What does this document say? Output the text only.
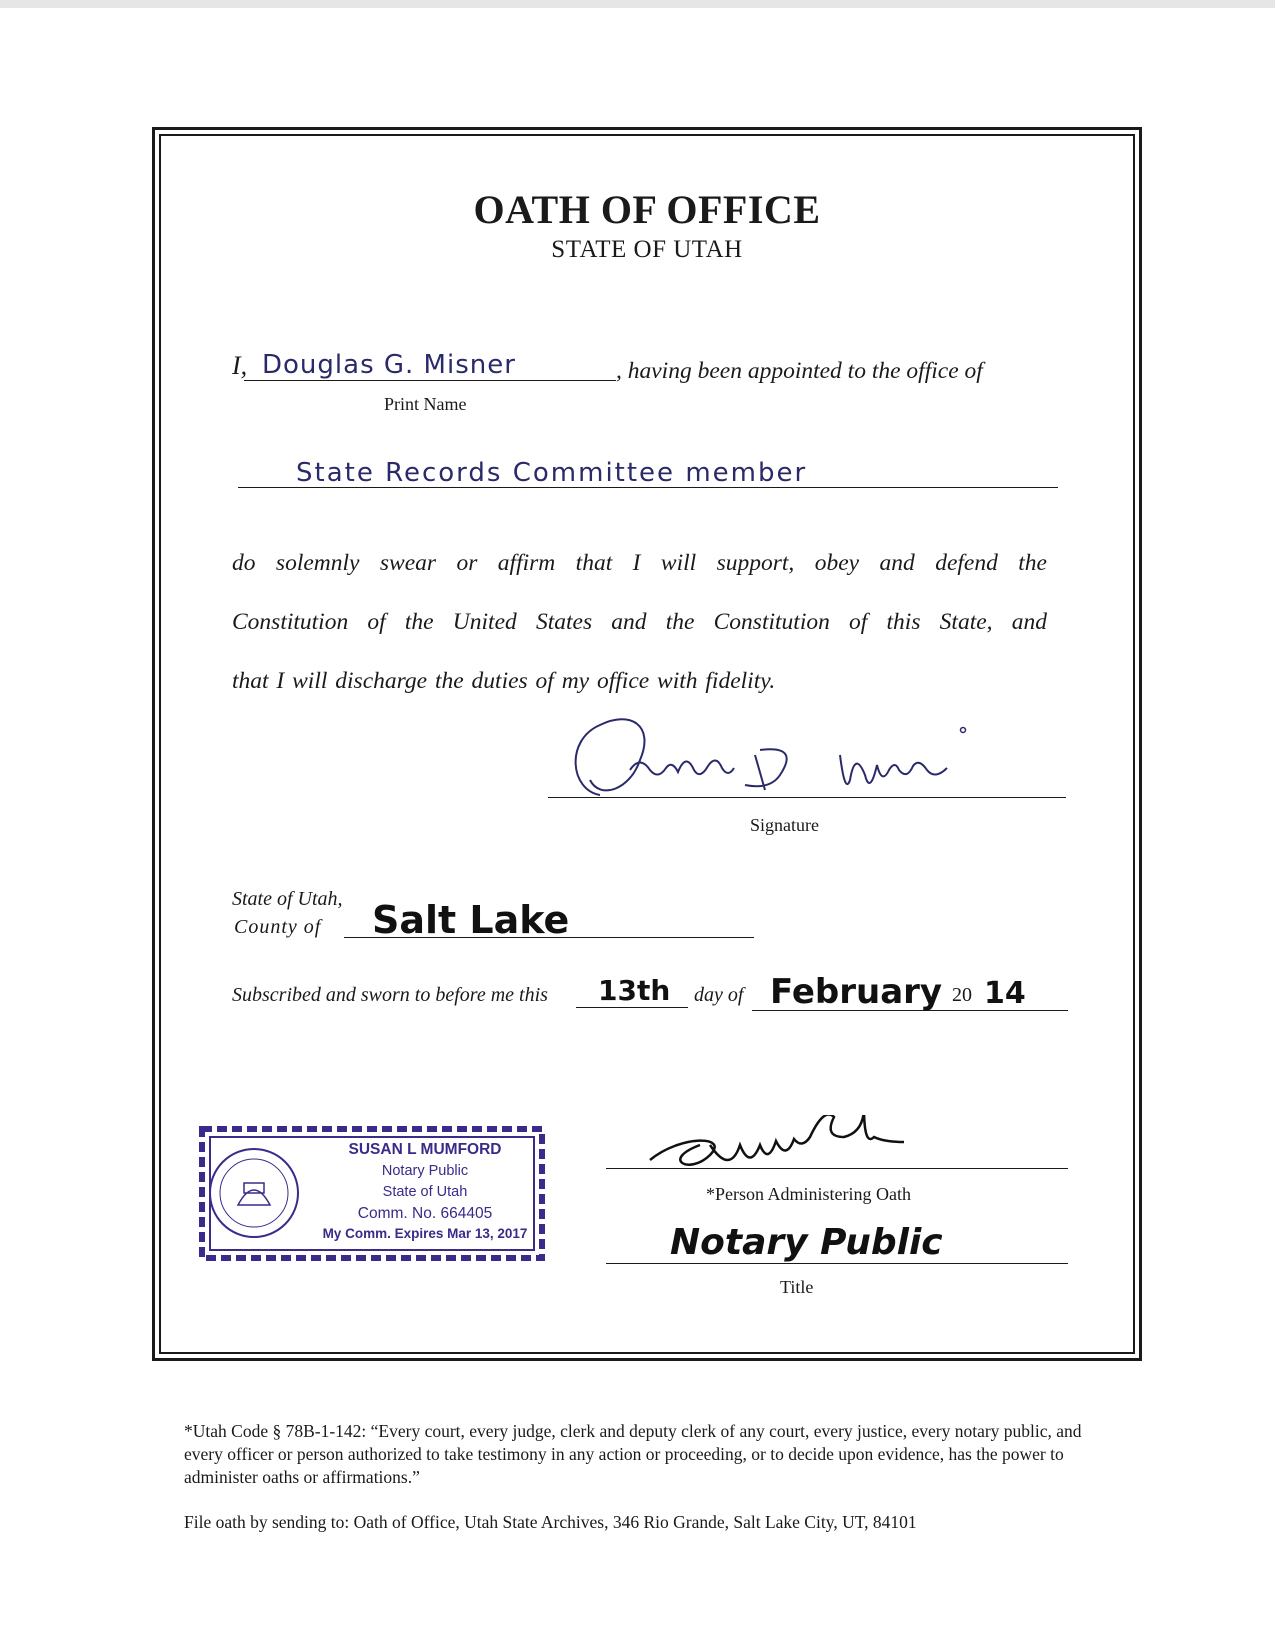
OATH OF OFFICE
STATE OF UTAH
I, Douglas G. Misner	, having been appointed to the office of
Print Name
State Records Committee member
do solemnly swear or affirm that I will support, obey and defend the
Constitution of the United States and the Constitution of this State, and
that I will discharge the duties of my office with fidelity.
Signature
State of Utah,
County of Salt Lake
Subscribed and sworn to before me this 13th day of February 20 14
SUSAN L MUMFORD
Notary Public
State of Utah
Comm. No. 664405
My Comm. Expires Mar 13, 2017
*Person Administering Oath
Notary Public
Title
*Utah Code § 78B-1-142: “Every court, every judge, clerk and deputy clerk of any court, every justice, every notary public, and every officer or person authorized to take testimony in any action or proceeding, or to decide upon evidence, has the power to administer oaths or affirmations.”
File oath by sending to: Oath of Office, Utah State Archives, 346 Rio Grande, Salt Lake City, UT, 84101
